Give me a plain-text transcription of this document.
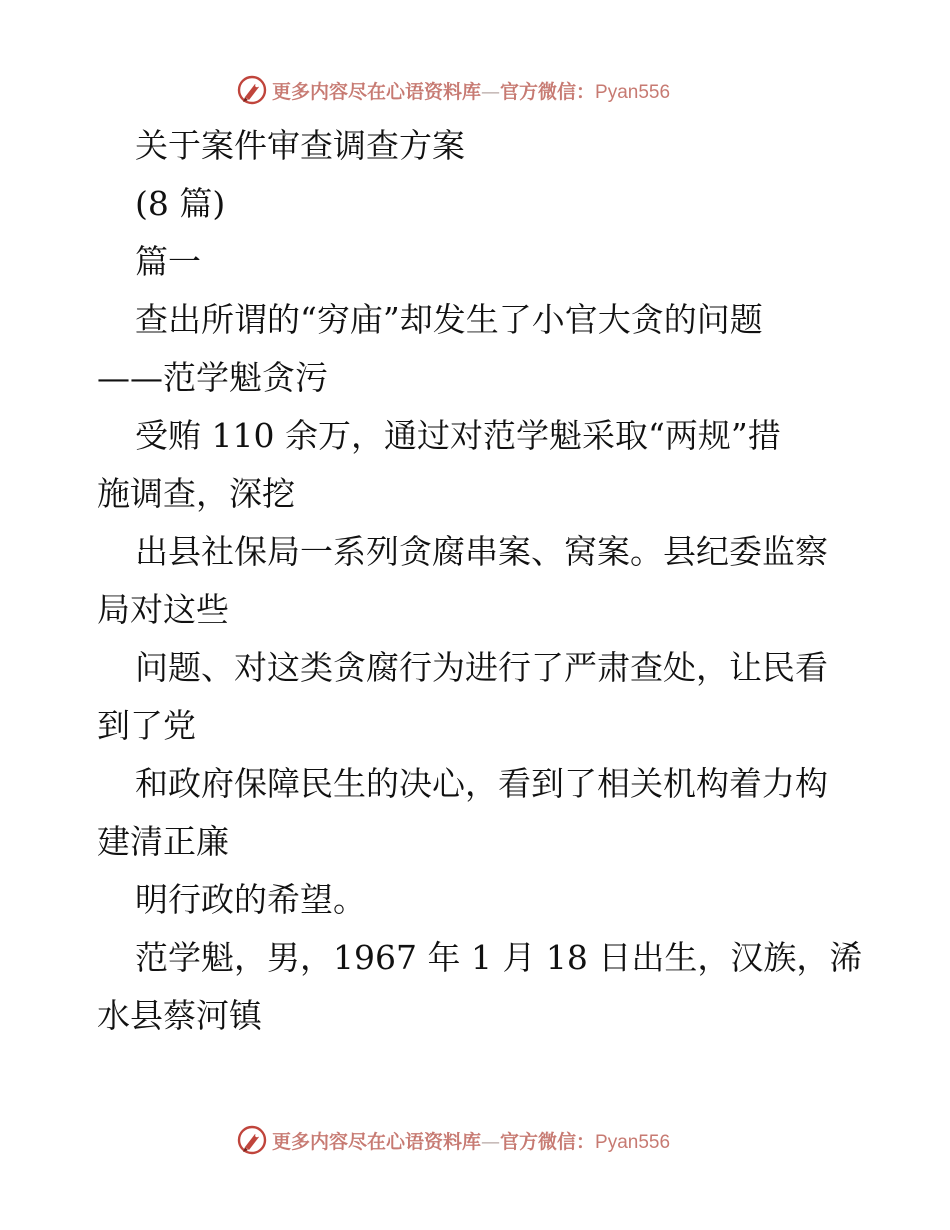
更多内容尽在心语资料库—官方微信：Pyan556
关于案件审查调查方案
(8 篇)
篇一
查出所谓的“穷庙”却发生了小官大贪的问题
——范学魁贪污
受贿 110 余万，通过对范学魁采取“两规”措
施调查，深挖
出县社保局一系列贪腐串案、窝案。县纪委监察
局对这些
问题、对这类贪腐行为进行了严肃查处，让民看
到了党
和政府保障民生的决心，看到了相关机构着力构
建清正廉
明行政的希望。
范学魁，男，1967 年 1 月 18 日出生，汉族，浠
水县蔡河镇
更多内容尽在心语资料库—官方微信：Pyan556
